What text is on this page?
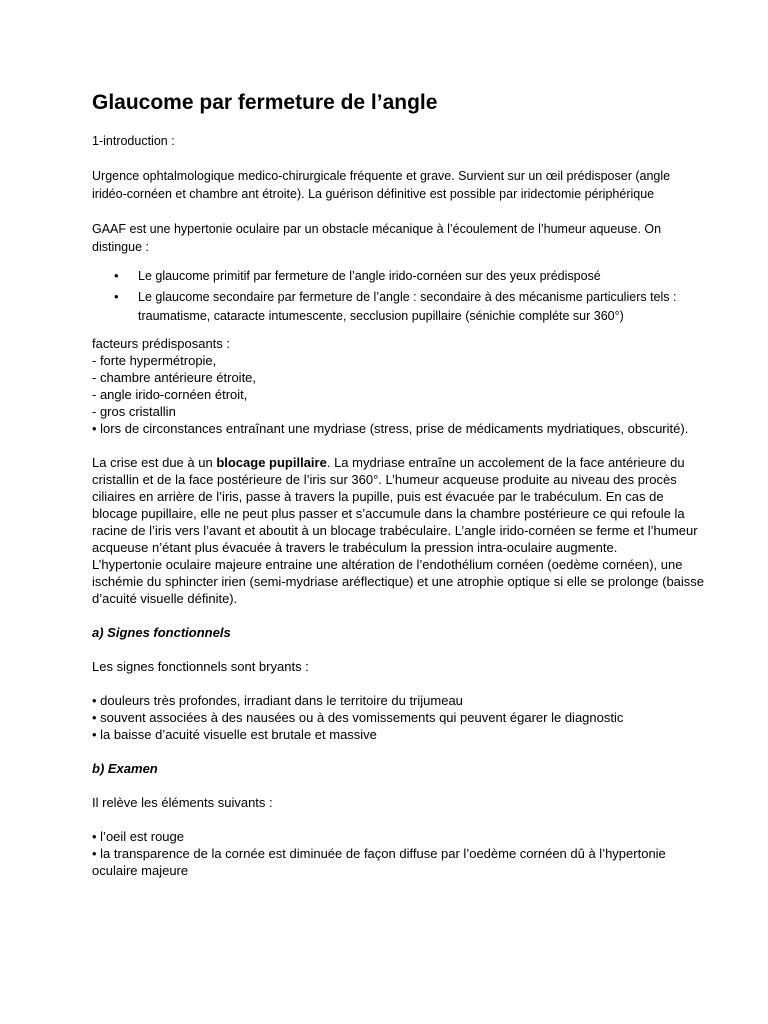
Glaucome par fermeture de l’angle

1-introduction :

Urgence ophtalmologique medico-chirurgicale fréquente et grave. Survient sur un œil prédisposer (angle iridéo-cornéen et chambre ant étroite). La guérison définitive est possible par iridectomie périphérique

GAAF est une hypertonie oculaire par un obstacle mécanique à l’écoulement de l’humeur aqueuse. On distingue :

• Le glaucome primitif par fermeture de l’angle irido-cornéen sur des yeux prédisposé
• Le glaucome secondaire par fermeture de l’angle : secondaire à des mécanisme particuliers tels : traumatisme, cataracte intumescente, secclusion pupillaire (sénichie compléte sur 360°)
facteurs prédisposants :
- forte hypermétropie,
- chambre antérieure étroite,
- angle irido-cornéen étroit,
- gros cristallin
• lors de circonstances entraînant une mydriase (stress, prise de médicaments mydriatiques, obscurité).
La crise est due à un blocage pupillaire. La mydriase entraîne un accolement de la face antérieure du cristallin et de la face postérieure de l’iris sur 360°. L’humeur acqueuse produite au niveau des procès ciliaires en arrière de l’iris, passe à travers la pupille, puis est évacuée par le trabéculum. En cas de blocage pupillaire, elle ne peut plus passer et s’accumule dans la chambre postérieure ce qui refoule la racine de l’iris vers l’avant et aboutit à un blocage trabéculaire. L’angle irido-cornéen se ferme et l’humeur acqueuse n’étant plus évacuée à travers le trabéculum la pression intra-oculaire augmente.
L’hypertonie oculaire majeure entraine une altération de l’endothélium cornéen (oedème cornéen), une ischémie du sphincter irien (semi-mydriase aréflectique) et une atrophie optique si elle se prolonge (baisse d’acuité visuelle définite).
a) Signes fonctionnels
Les signes fonctionnels sont bryants :
• douleurs très profondes, irradiant dans le territoire du trijumeau
• souvent associées à des nausées ou à des vomissements qui peuvent égarer le diagnostic
• la baisse d’acuité visuelle est brutale et massive
b) Examen
Il relève les éléments suivants :
• l’oeil est rouge
• la transparence de la cornée est diminuée de façon diffuse par l’oedème cornéen dû à l’hypertonie oculaire majeure
